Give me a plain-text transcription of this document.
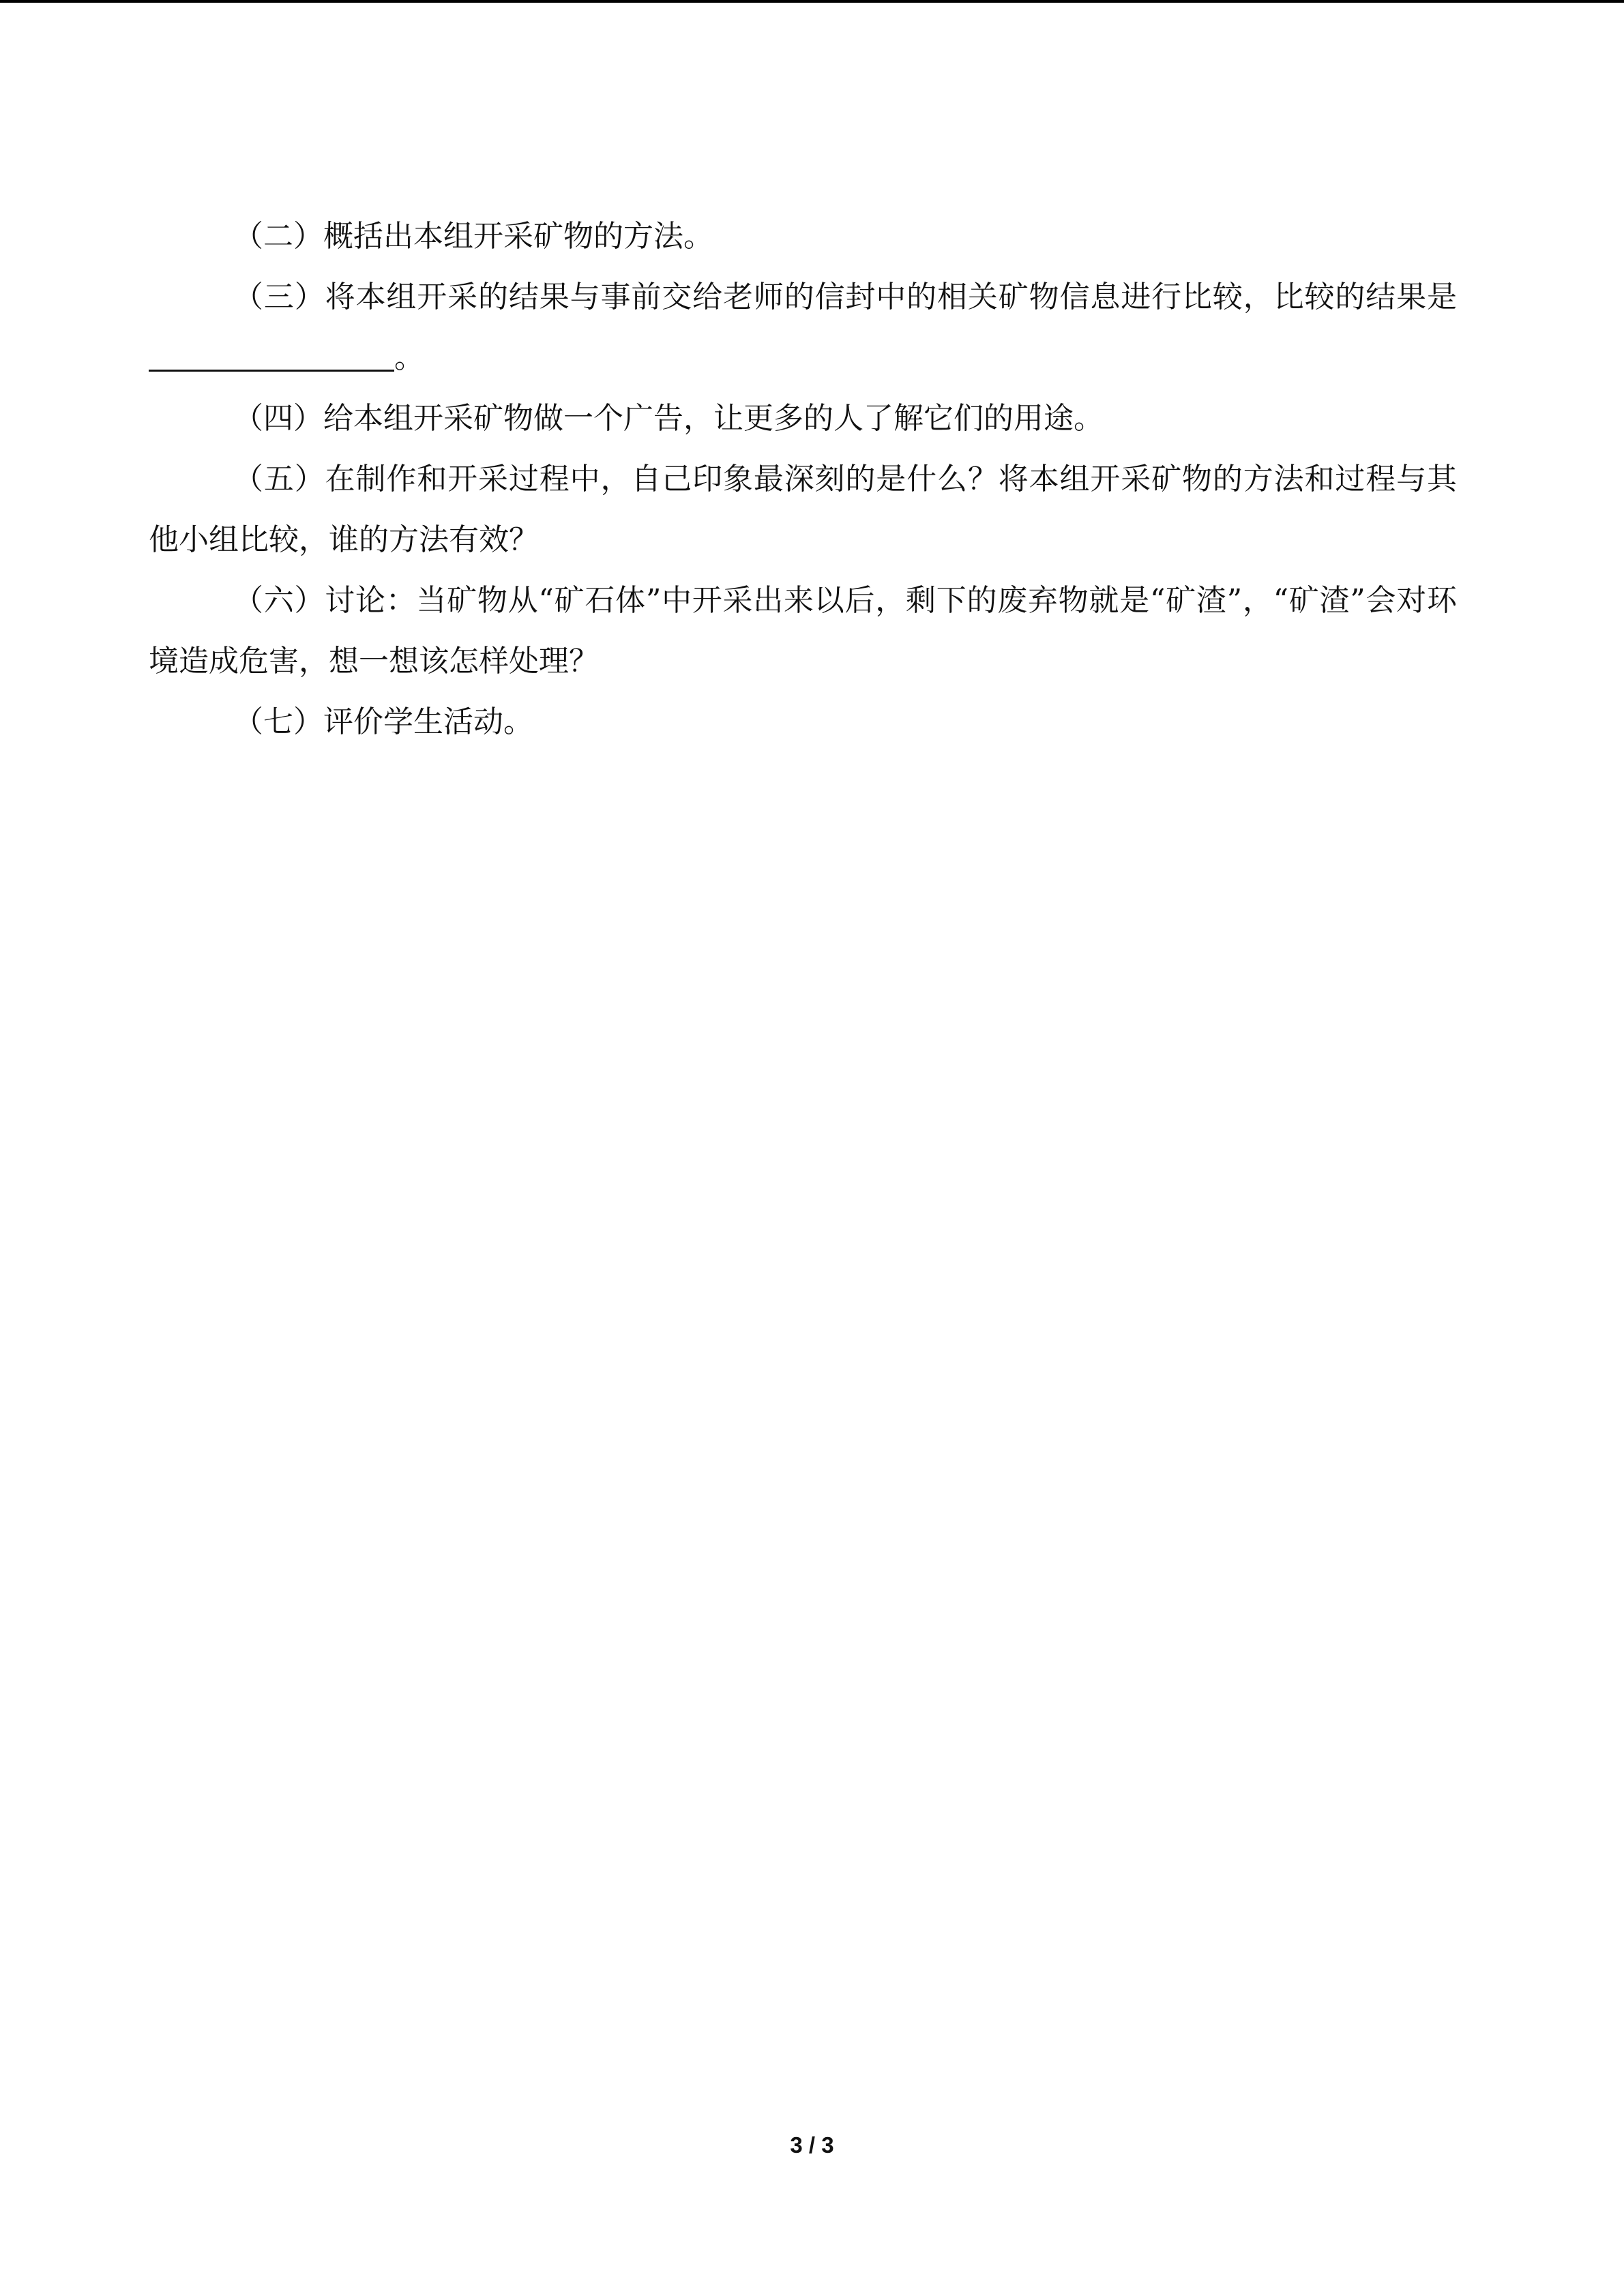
（二）概括出本组开采矿物的方法。

（三）将本组开采的结果与事前交给老师的信封中的相关矿物信息进行比较，比较的结果是。

（四）给本组开采矿物做一个广告，让更多的人了解它们的用途。

（五）在制作和开采过程中，自己印象最深刻的是什么？将本组开采矿物的方法和过程与其他小组比较，谁的方法有效？

（六）讨论：当矿物从“矿石体”中开采出来以后，剩下的废弃物就是“矿渣”，“矿渣”会对环境造成危害，想一想该怎样处理？

（七）评价学生活动。

3 / 3
